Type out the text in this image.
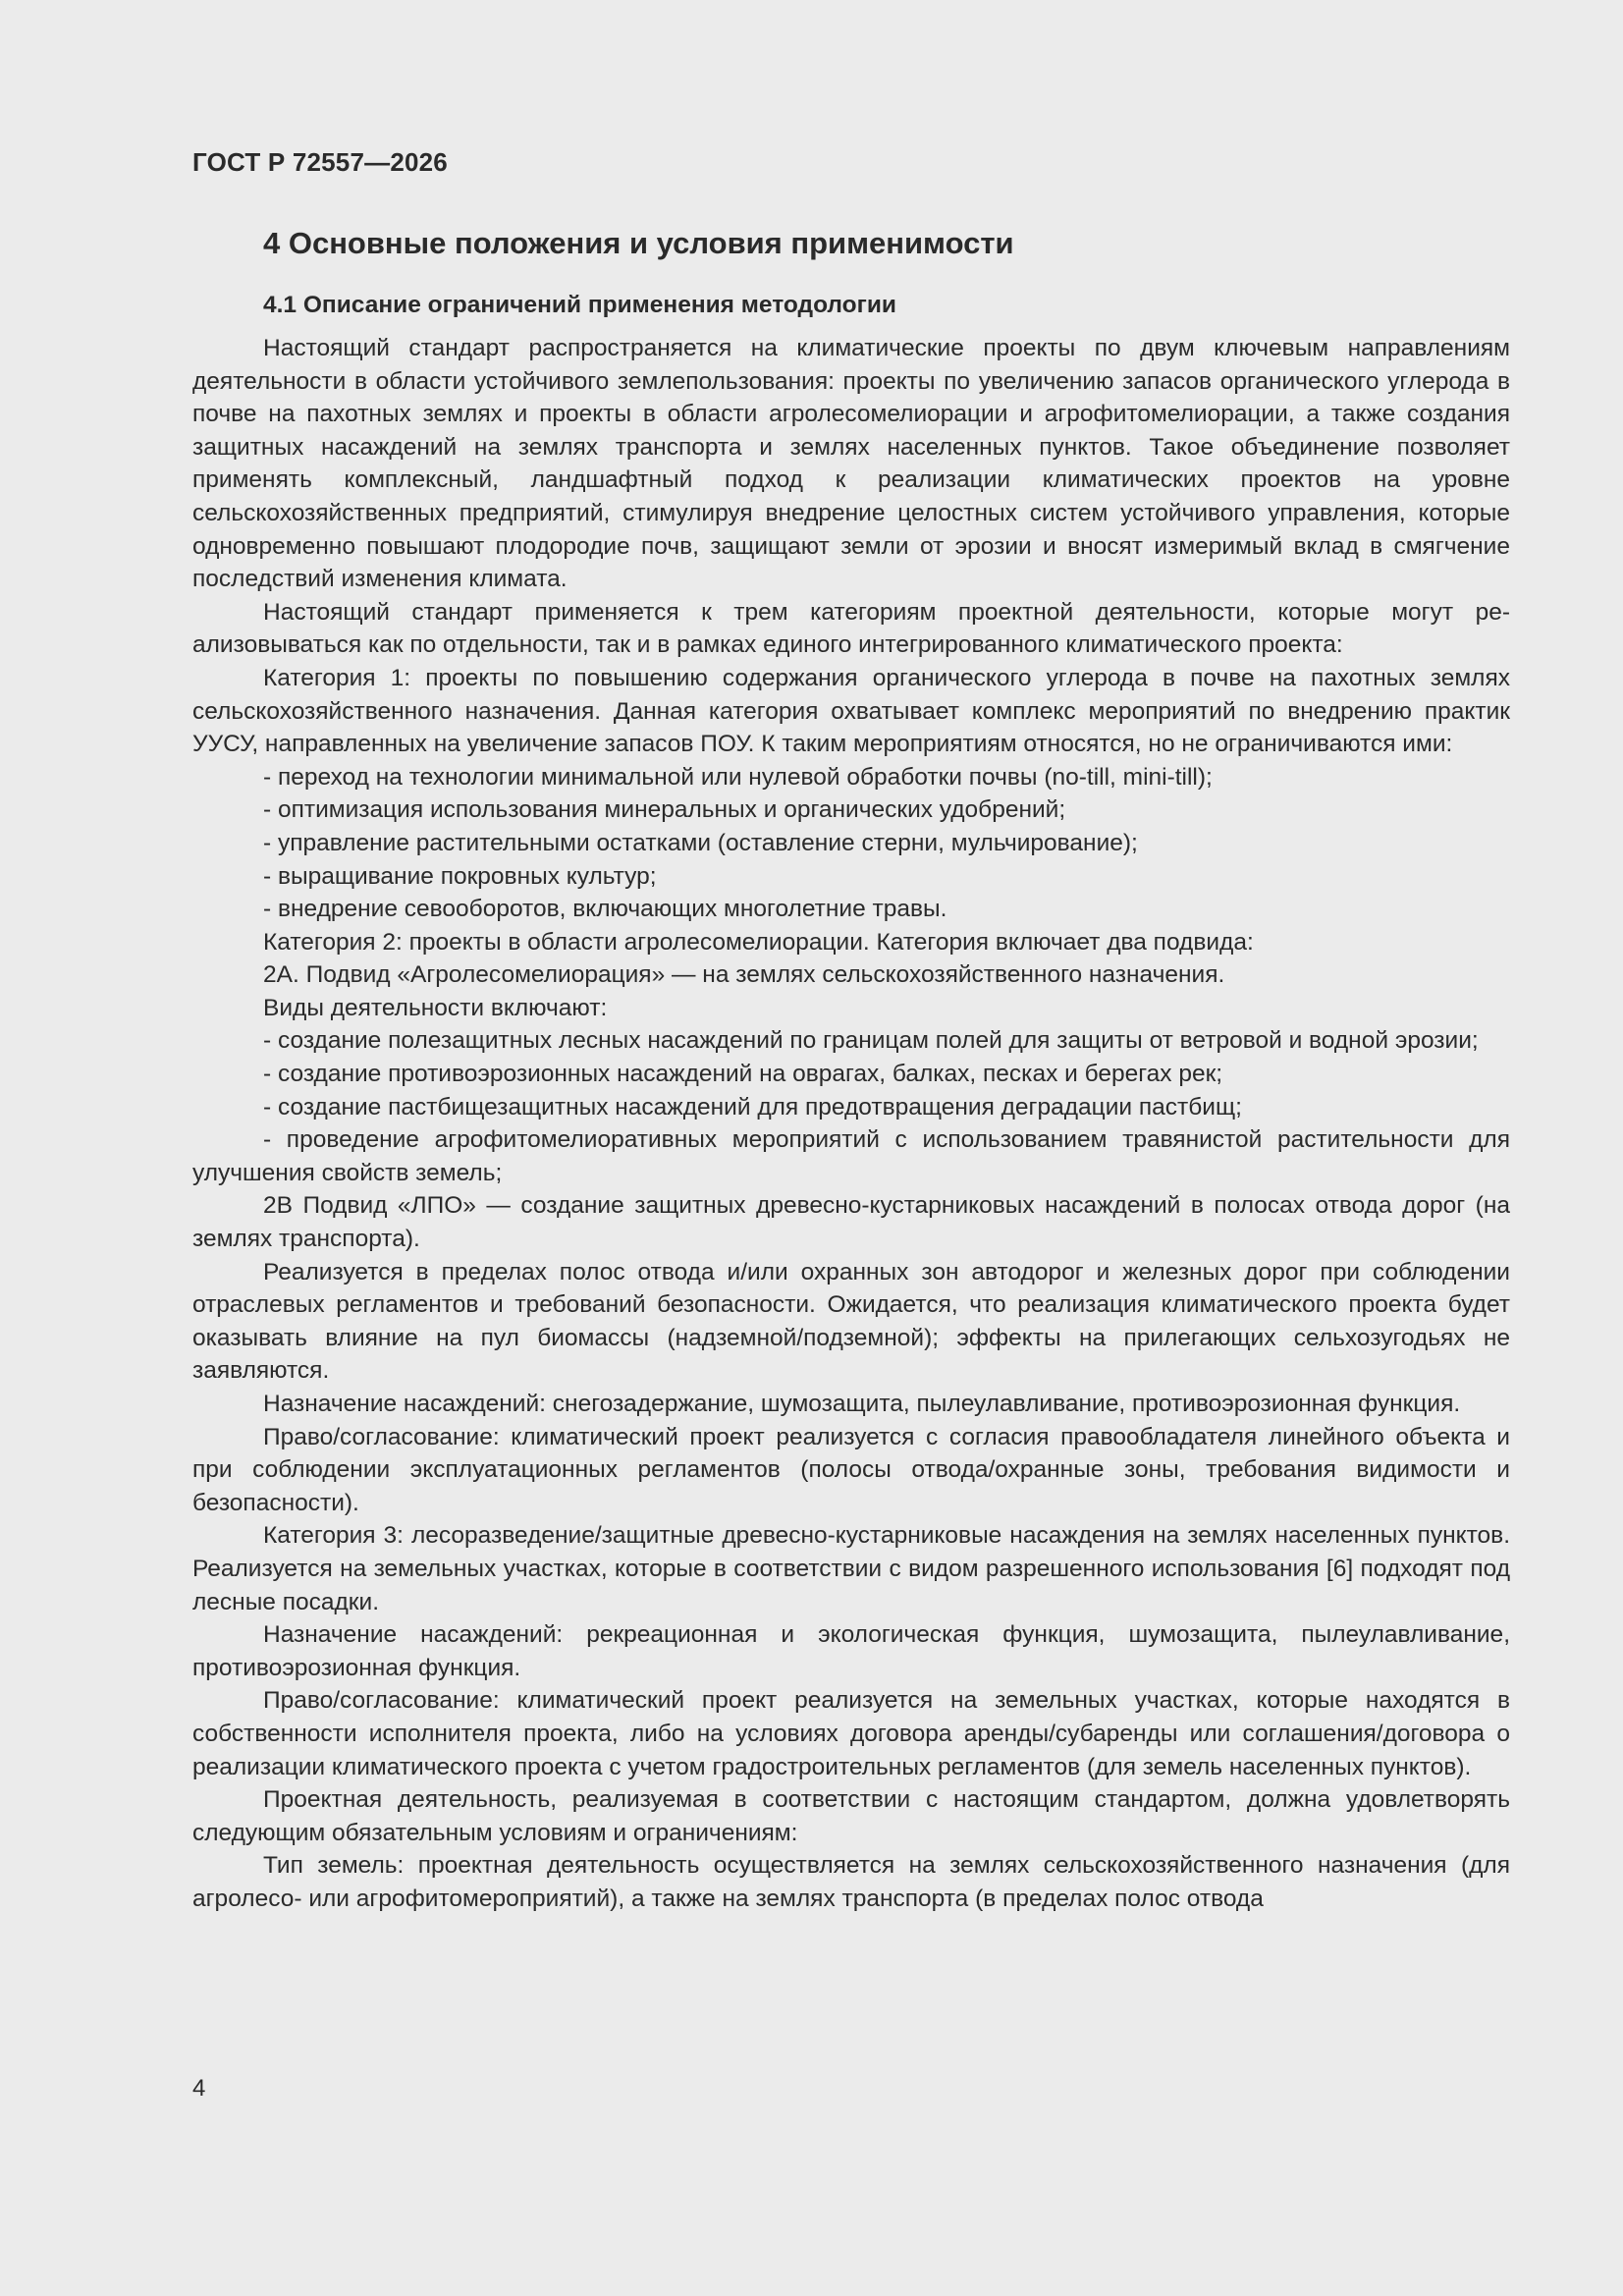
ГОСТ Р 72557—2026
4 Основные положения и условия применимости
4.1 Описание ограничений применения методологии

Настоящий стандарт распространяется на климатические проекты по двум ключевым направлениям деятельности в области устойчивого землепользования: проекты по увеличению запасов органического углерода в почве на пахотных землях и проекты в области агролесомелиорации и агрофитомелиорации, а также создания защитных насаждений на землях транспорта и землях населенных пунктов. Такое объединение позволяет применять комплексный, ландшафтный подход к реализации климатических проектов на уровне сельскохозяйственных предприятий, стимулируя внедрение целостных систем устойчивого управления, которые одновременно повышают плодородие почв, защищают земли от эрозии и вносят измеримый вклад в смягчение последствий изменения климата.

Настоящий стандарт применяется к трем категориям проектной деятельности, которые могут реализовываться как по отдельности, так и в рамках единого интегрированного климатического проекта:

Категория 1: проекты по повышению содержания органического углерода в почве на пахотных землях сельскохозяйственного назначения. Данная категория охватывает комплекс мероприятий по внедрению практик УУСУ, направленных на увеличение запасов ПОУ. К таким мероприятиям относятся, но не ограничиваются ими:

- переход на технологии минимальной или нулевой обработки почвы (no-till, mini-till);

- оптимизация использования минеральных и органических удобрений;

- управление растительными остатками (оставление стерни, мульчирование);

- выращивание покровных культур;

- внедрение севооборотов, включающих многолетние травы.

Категория 2: проекты в области агролесомелиорации. Категория включает два подвида:

2А. Подвид «Агролесомелиорация» — на землях сельскохозяйственного назначения.

Виды деятельности включают:

- создание полезащитных лесных насаждений по границам полей для защиты от ветровой и водной эрозии;

- создание противоэрозионных насаждений на оврагах, балках, песках и берегах рек;

- создание пастбищезащитных насаждений для предотвращения деградации пастбищ;

- проведение агрофитомелиоративных мероприятий с использованием травянистой растительности для улучшения свойств земель;

2В Подвид «ЛПО» — создание защитных древесно-кустарниковых насаждений в полосах отвода дорог (на землях транспорта).

Реализуется в пределах полос отвода и/или охранных зон автодорог и железных дорог при соблюдении отраслевых регламентов и требований безопасности. Ожидается, что реализация климатического проекта будет оказывать влияние на пул биомассы (надземной/подземной); эффекты на прилегающих сельхозугодьях не заявляются.

Назначение насаждений: снегозадержание, шумозащита, пылеулавливание, противоэрозионная функция.

Право/согласование: климатический проект реализуется с согласия правообладателя линейного объекта и при соблюдении эксплуатационных регламентов (полосы отвода/охранные зоны, требования видимости и безопасности).

Категория 3: лесоразведение/защитные древесно-кустарниковые насаждения на землях населенных пунктов. Реализуется на земельных участках, которые в соответствии с видом разрешенного использования [6] подходят под лесные посадки.

Назначение насаждений: рекреационная и экологическая функция, шумозащита, пылеулавливание, противоэрозионная функция.

Право/согласование: климатический проект реализуется на земельных участках, которые находятся в собственности исполнителя проекта, либо на условиях договора аренды/субаренды или соглашения/договора о реализации климатического проекта с учетом градостроительных регламентов (для земель населенных пунктов).

Проектная деятельность, реализуемая в соответствии с настоящим стандартом, должна удовлетворять следующим обязательным условиям и ограничениям:

Тип земель: проектная деятельность осуществляется на землях сельскохозяйственного назначения (для агролесо- или агрофитомероприятий), а также на землях транспорта (в пределах полос отвода

4
